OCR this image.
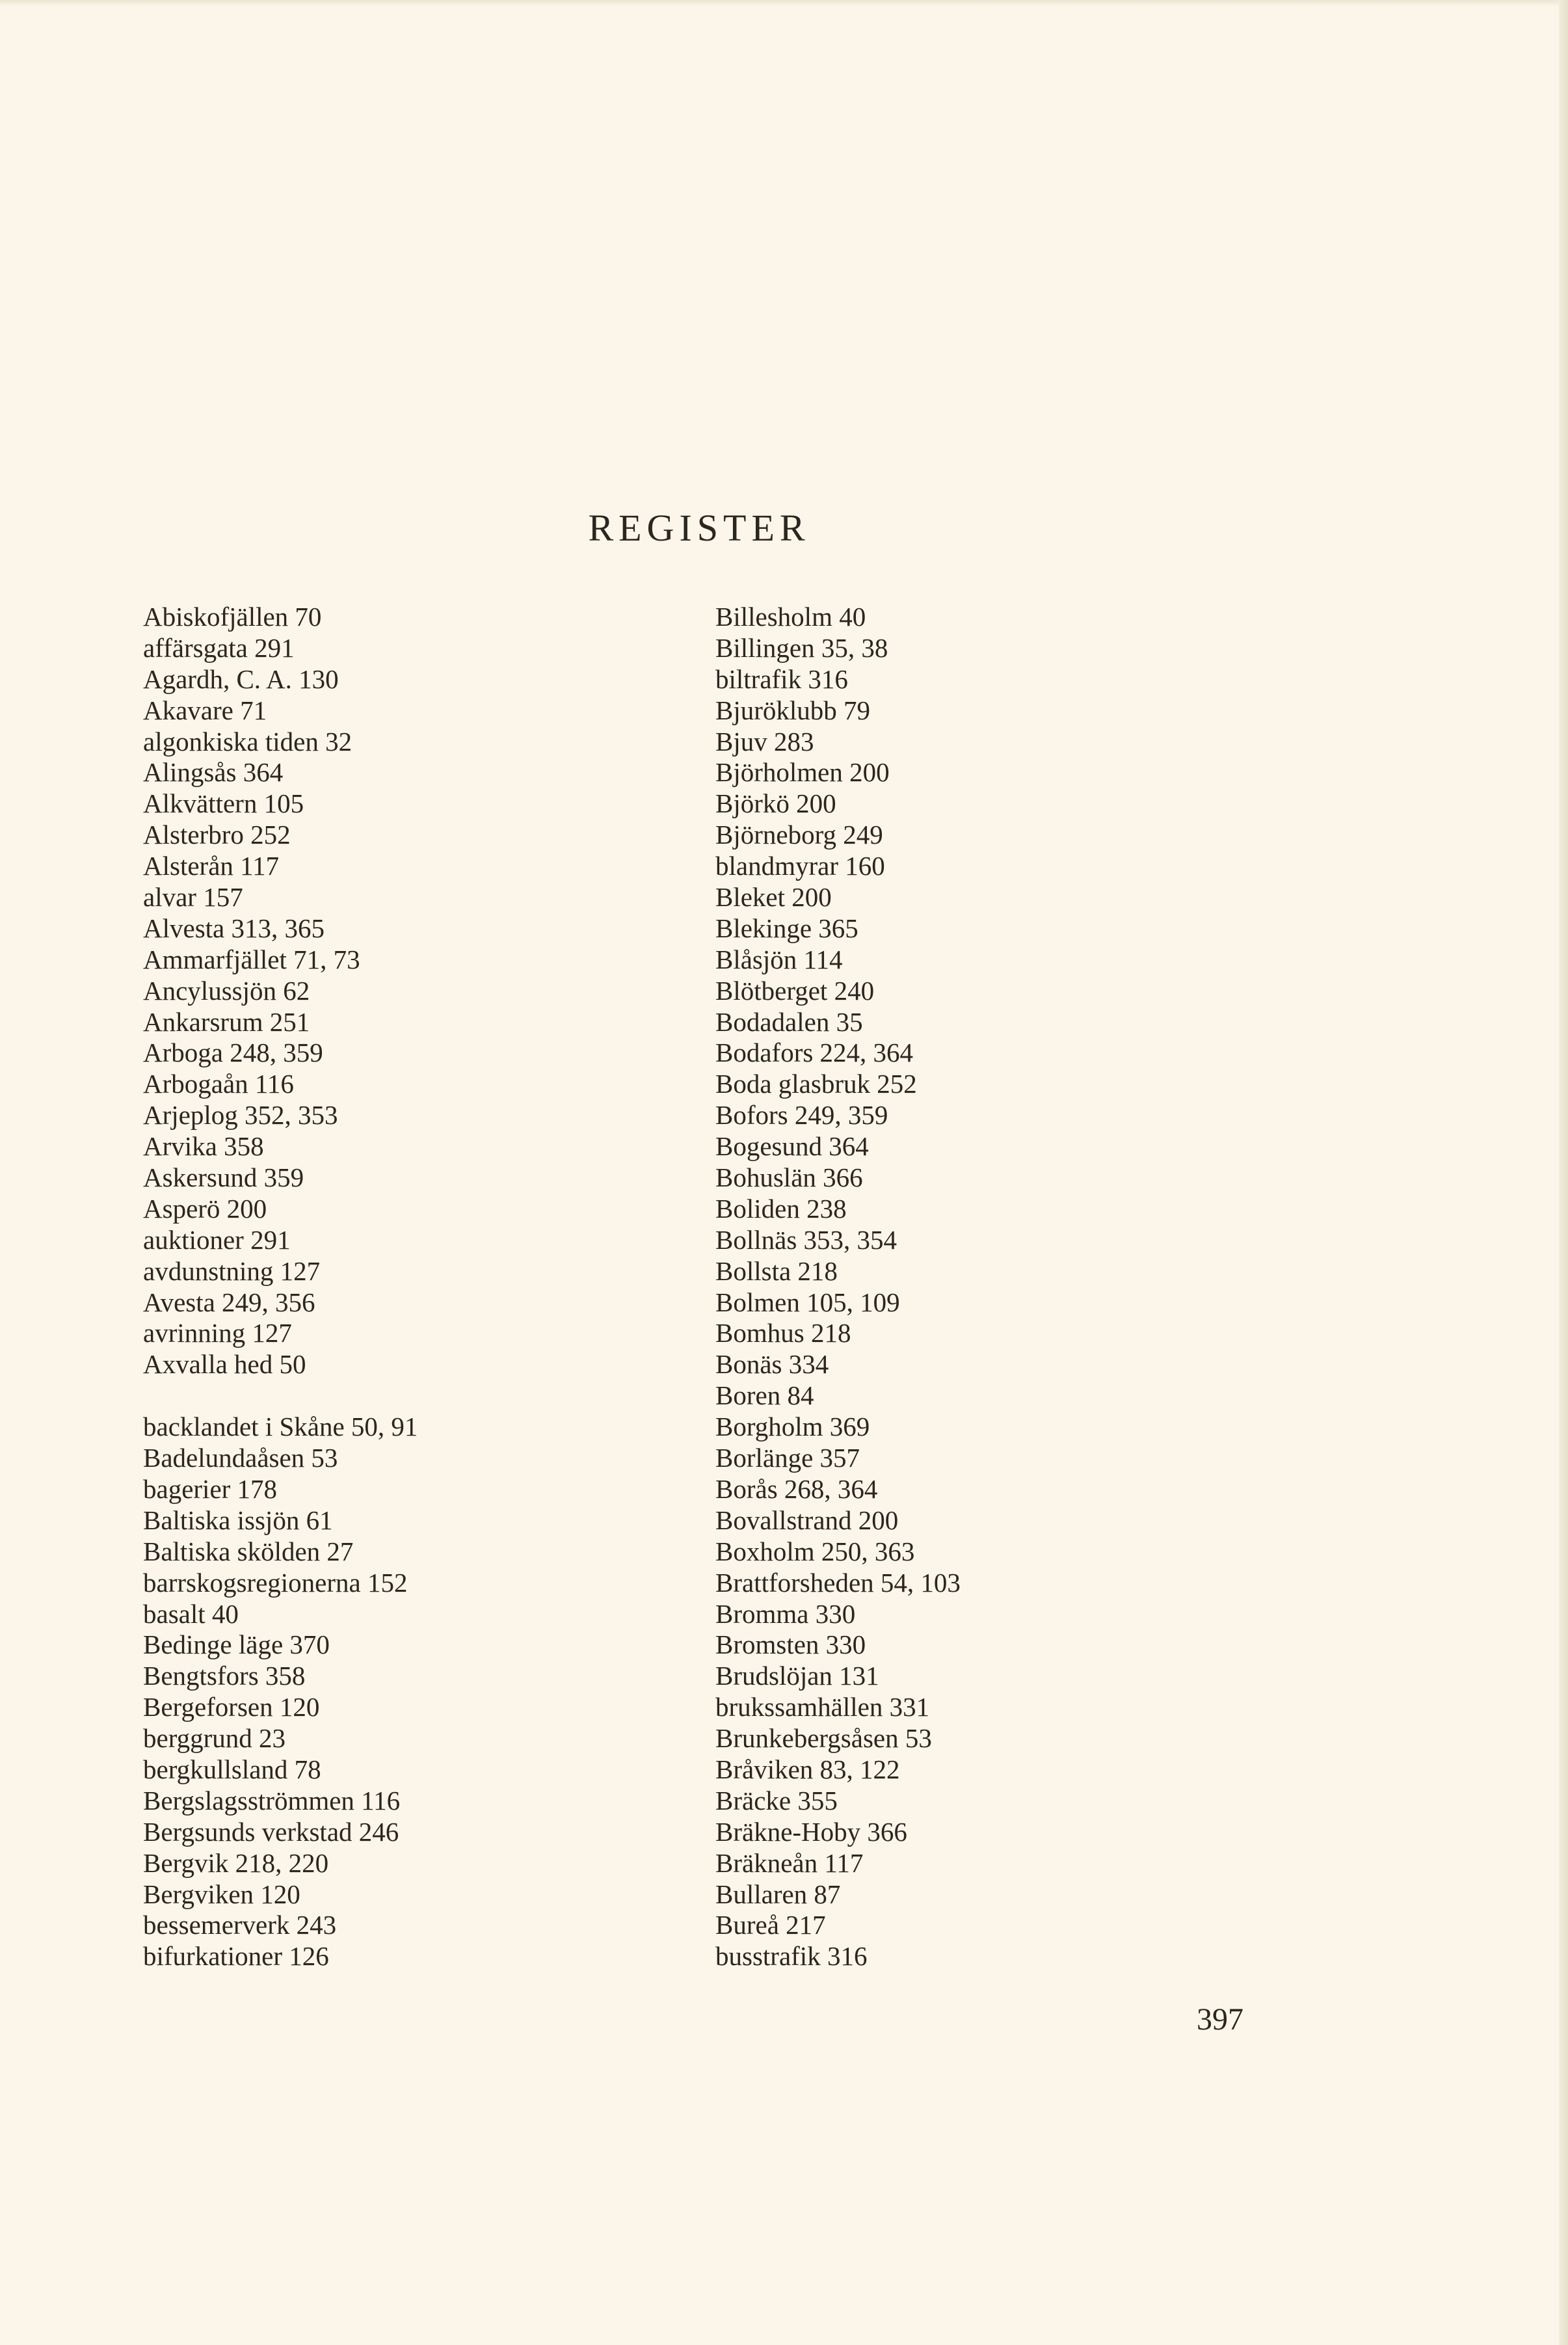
REGISTER
Abiskofjällen 70
affärsgata 291
Agardh, C. A. 130
Akavare 71
algonkiska tiden 32
Alingsås 364
Alkvättern 105
Alsterbro 252
Alsterån 117
alvar 157
Alvesta 313, 365
Ammarfjället 71, 73
Ancylussjön 62
Ankarsrum 251
Arboga 248, 359
Arbogaån 116
Arjeplog 352, 353
Arvika 358
Askersund 359
Asperö 200
auktioner 291
avdunstning 127
Avesta 249, 356
avrinning 127
Axvalla hed 50
backlandet i Skåne 50, 91
Badelundaåsen 53
bagerier 178
Baltiska issjön 61
Baltiska skölden 27
barrskogsregionerna 152
basalt 40
Bedinge läge 370
Bengtsfors 358
Bergeforsen 120
berggrund 23
bergkullsland 78
Bergslagsströmmen 116
Bergsunds verkstad 246
Bergvik 218, 220
Bergviken 120
bessemerverk 243
bifurkationer 126
Billesholm 40
Billingen 35, 38
biltrafik 316
Bjuröklubb 79
Bjuv 283
Björholmen 200
Björkö 200
Björneborg 249
blandmyrar 160
Bleket 200
Blekinge 365
Blåsjön 114
Blötberget 240
Bodadalen 35
Bodafors 224, 364
Boda glasbruk 252
Bofors 249, 359
Bogesund 364
Bohuslän 366
Boliden 238
Bollnäs 353, 354
Bollsta 218
Bolmen 105, 109
Bomhus 218
Bonäs 334
Boren 84
Borgholm 369
Borlänge 357
Borås 268, 364
Bovallstrand 200
Boxholm 250, 363
Brattforsheden 54, 103
Bromma 330
Bromsten 330
Brudslöjan 131
brukssamhällen 331
Brunkebergsåsen 53
Bråviken 83, 122
Bräcke 355
Bräkne-Hoby 366
Bräkneån 117
Bullaren 87
Bureå 217
busstrafik 316
397
